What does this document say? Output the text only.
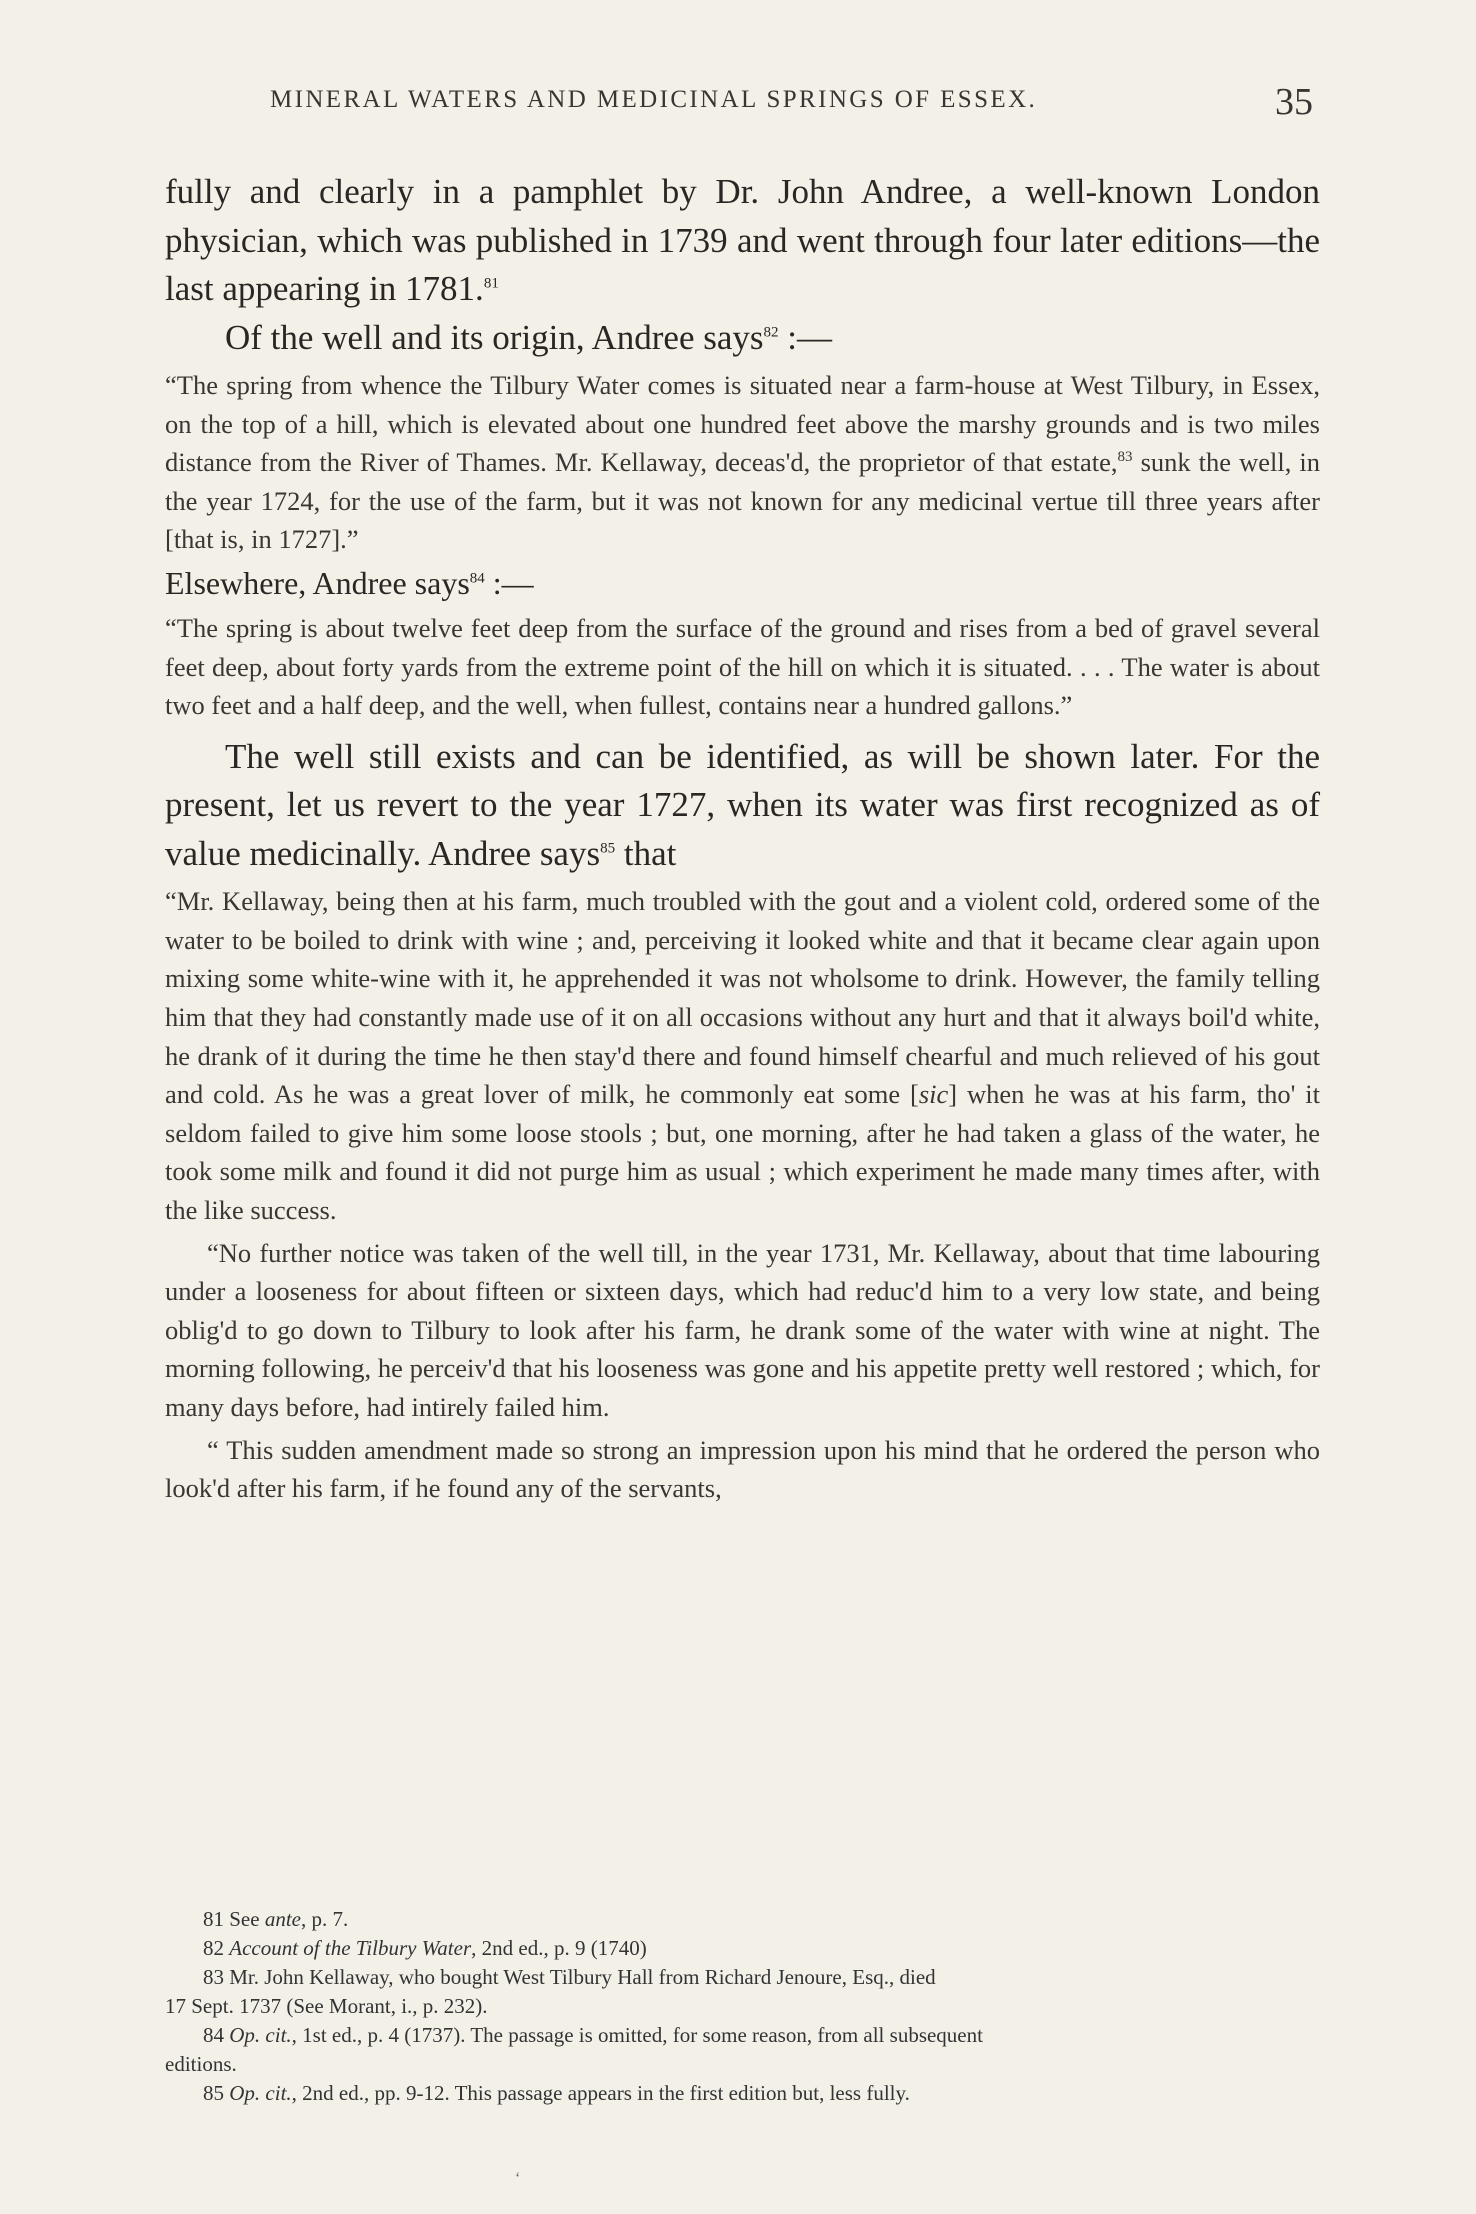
MINERAL WATERS AND MEDICINAL SPRINGS OF ESSEX.	35

fully and clearly in a pamphlet by Dr. John Andree, a well-known London physician, which was published in 1739 and went through four later editions—the last appearing in 1781.81

Of the well and its origin, Andree says$^{82}$ :—

“The spring from whence the Tilbury Water comes is situated near a farm-house at West Tilbury, in Essex, on the top of a hill, which is elevated about one hundred feet above the marshy grounds and is two miles distance from the River of Thames. Mr. Kellaway, deceas'd, the proprietor of that estate,$^{83}$ sunk the well, in the year 1724, for the use of the farm, but it was not known for any medicinal vertue till three years after [that is, in 1727].”

Elsewhere, Andree says$^{84}$ :—

“The spring is about twelve feet deep from the surface of the ground and rises from a bed of gravel several feet deep, about forty yards from the extreme point of the hill on which it is situated. . . . The water is about two feet and a half deep, and the well, when fullest, contains near a hundred gallons.”

The well still exists and can be identified, as will be shown later. For the present, let us revert to the year 1727, when its water was first recognized as of value medicinally. Andree says$^{85}$ that

“Mr. Kellaway, being then at his farm, much troubled with the gout and a violent cold, ordered some of the water to be boiled to drink with wine ; and, perceiving it looked white and that it became clear again upon mixing some white-wine with it, he apprehended it was not wholsome to drink. However, the family telling him that they had constantly made use of it on all occasions without any hurt and that it always boil'd white, he drank of it during the time he then stay'd there and found himself chearful and much relieved of his gout and cold. As he was a great lover of milk, he commonly eat some [sic] when he was at his farm, tho' it seldom failed to give him some loose stools ; but, one morning, after he had taken a glass of the water, he took some milk and found it did not purge him as usual ; which experiment he made many times after, with the like success.

“No further notice was taken of the well till, in the year 1731, Mr. Kellaway, about that time labouring under a looseness for about fifteen or sixteen days, which had reduc'd him to a very low state, and being oblig'd to go down to Tilbury to look after his farm, he drank some of the water with wine at night. The morning following, he perceiv'd that his looseness was gone and his appetite pretty well restored ; which, for many days before, had intirely failed him.

“ This sudden amendment made so strong an impression upon his mind that he ordered the person who look'd after his farm, if he found any of the servants,

81 See ante, p. 7.

82 Account of the Tilbury Water, 2nd ed., p. 9 (1740)

83 Mr. John Kellaway, who bought West Tilbury Hall from Richard Jenoure, Esq., died

17 Sept. 1737 (See Morant, i., p. 232).

84 Op. cit., 1st ed., p. 4 (1737). The passage is omitted, for some reason, from all subsequent

editions.

85 Op. cit., 2nd ed., pp. 9-12. This passage appears in the first edition but, less fully.

‘
